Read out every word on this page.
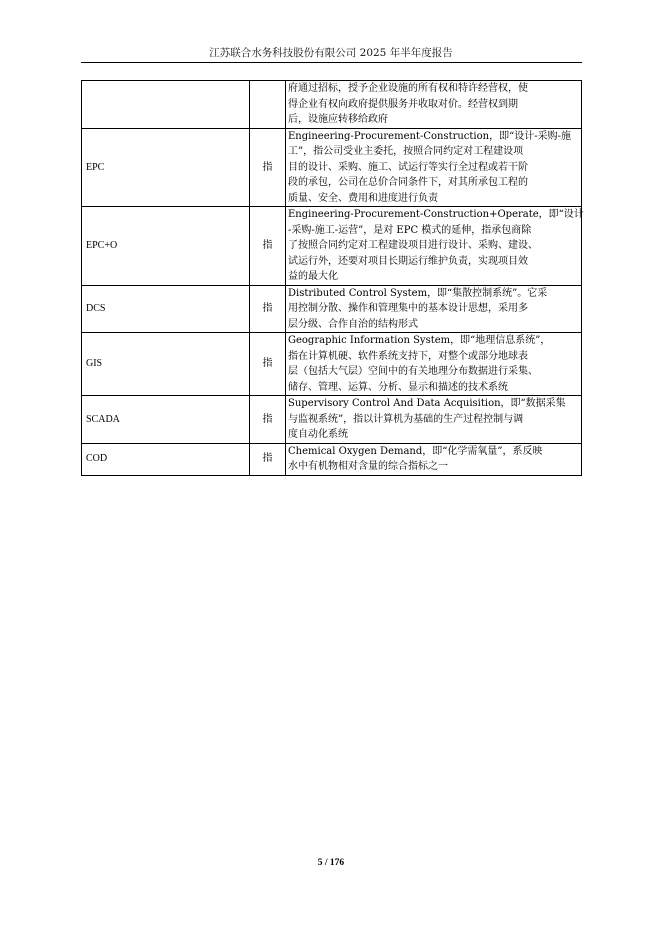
江苏联合水务科技股份有限公司 2025 年半年度报告

		府通过招标，授予企业设施的所有权和特许经营权，使
得企业有权向政府提供服务并收取对价。经营权到期
后，设施应转移给政府

EPC	指	Engineering-Procurement-Construction，即“设计-采购-施
工”，指公司受业主委托，按照合同约定对工程建设项
目的设计、采购、施工、试运行等实行全过程或若干阶
段的承包，公司在总价合同条件下，对其所承包工程的
质量、安全、费用和进度进行负责

EPC+O	指	Engineering-Procurement-Construction+Operate，即“设计
-采购-施工-运营”，是对 EPC 模式的延伸，指承包商除
了按照合同约定对工程建设项目进行设计、采购、建设、
试运行外，还要对项目长期运行维护负责，实现项目效
益的最大化

DCS	指	Distributed Control System，即“集散控制系统”。它采
用控制分散、操作和管理集中的基本设计思想，采用多
层分级、合作自治的结构形式

GIS	指	Geographic Information System，即“地理信息系统”，
指在计算机硬、软件系统支持下，对整个或部分地球表
层（包括大气层）空间中的有关地理分布数据进行采集、
储存、管理、运算、分析、显示和描述的技术系统

SCADA	指	Supervisory Control And Data Acquisition，即“数据采集
与监视系统”，指以计算机为基础的生产过程控制与调
度自动化系统

COD	指	Chemical Oxygen Demand，即“化学需氧量”，系反映
水中有机物相对含量的综合指标之一
5 / 176
